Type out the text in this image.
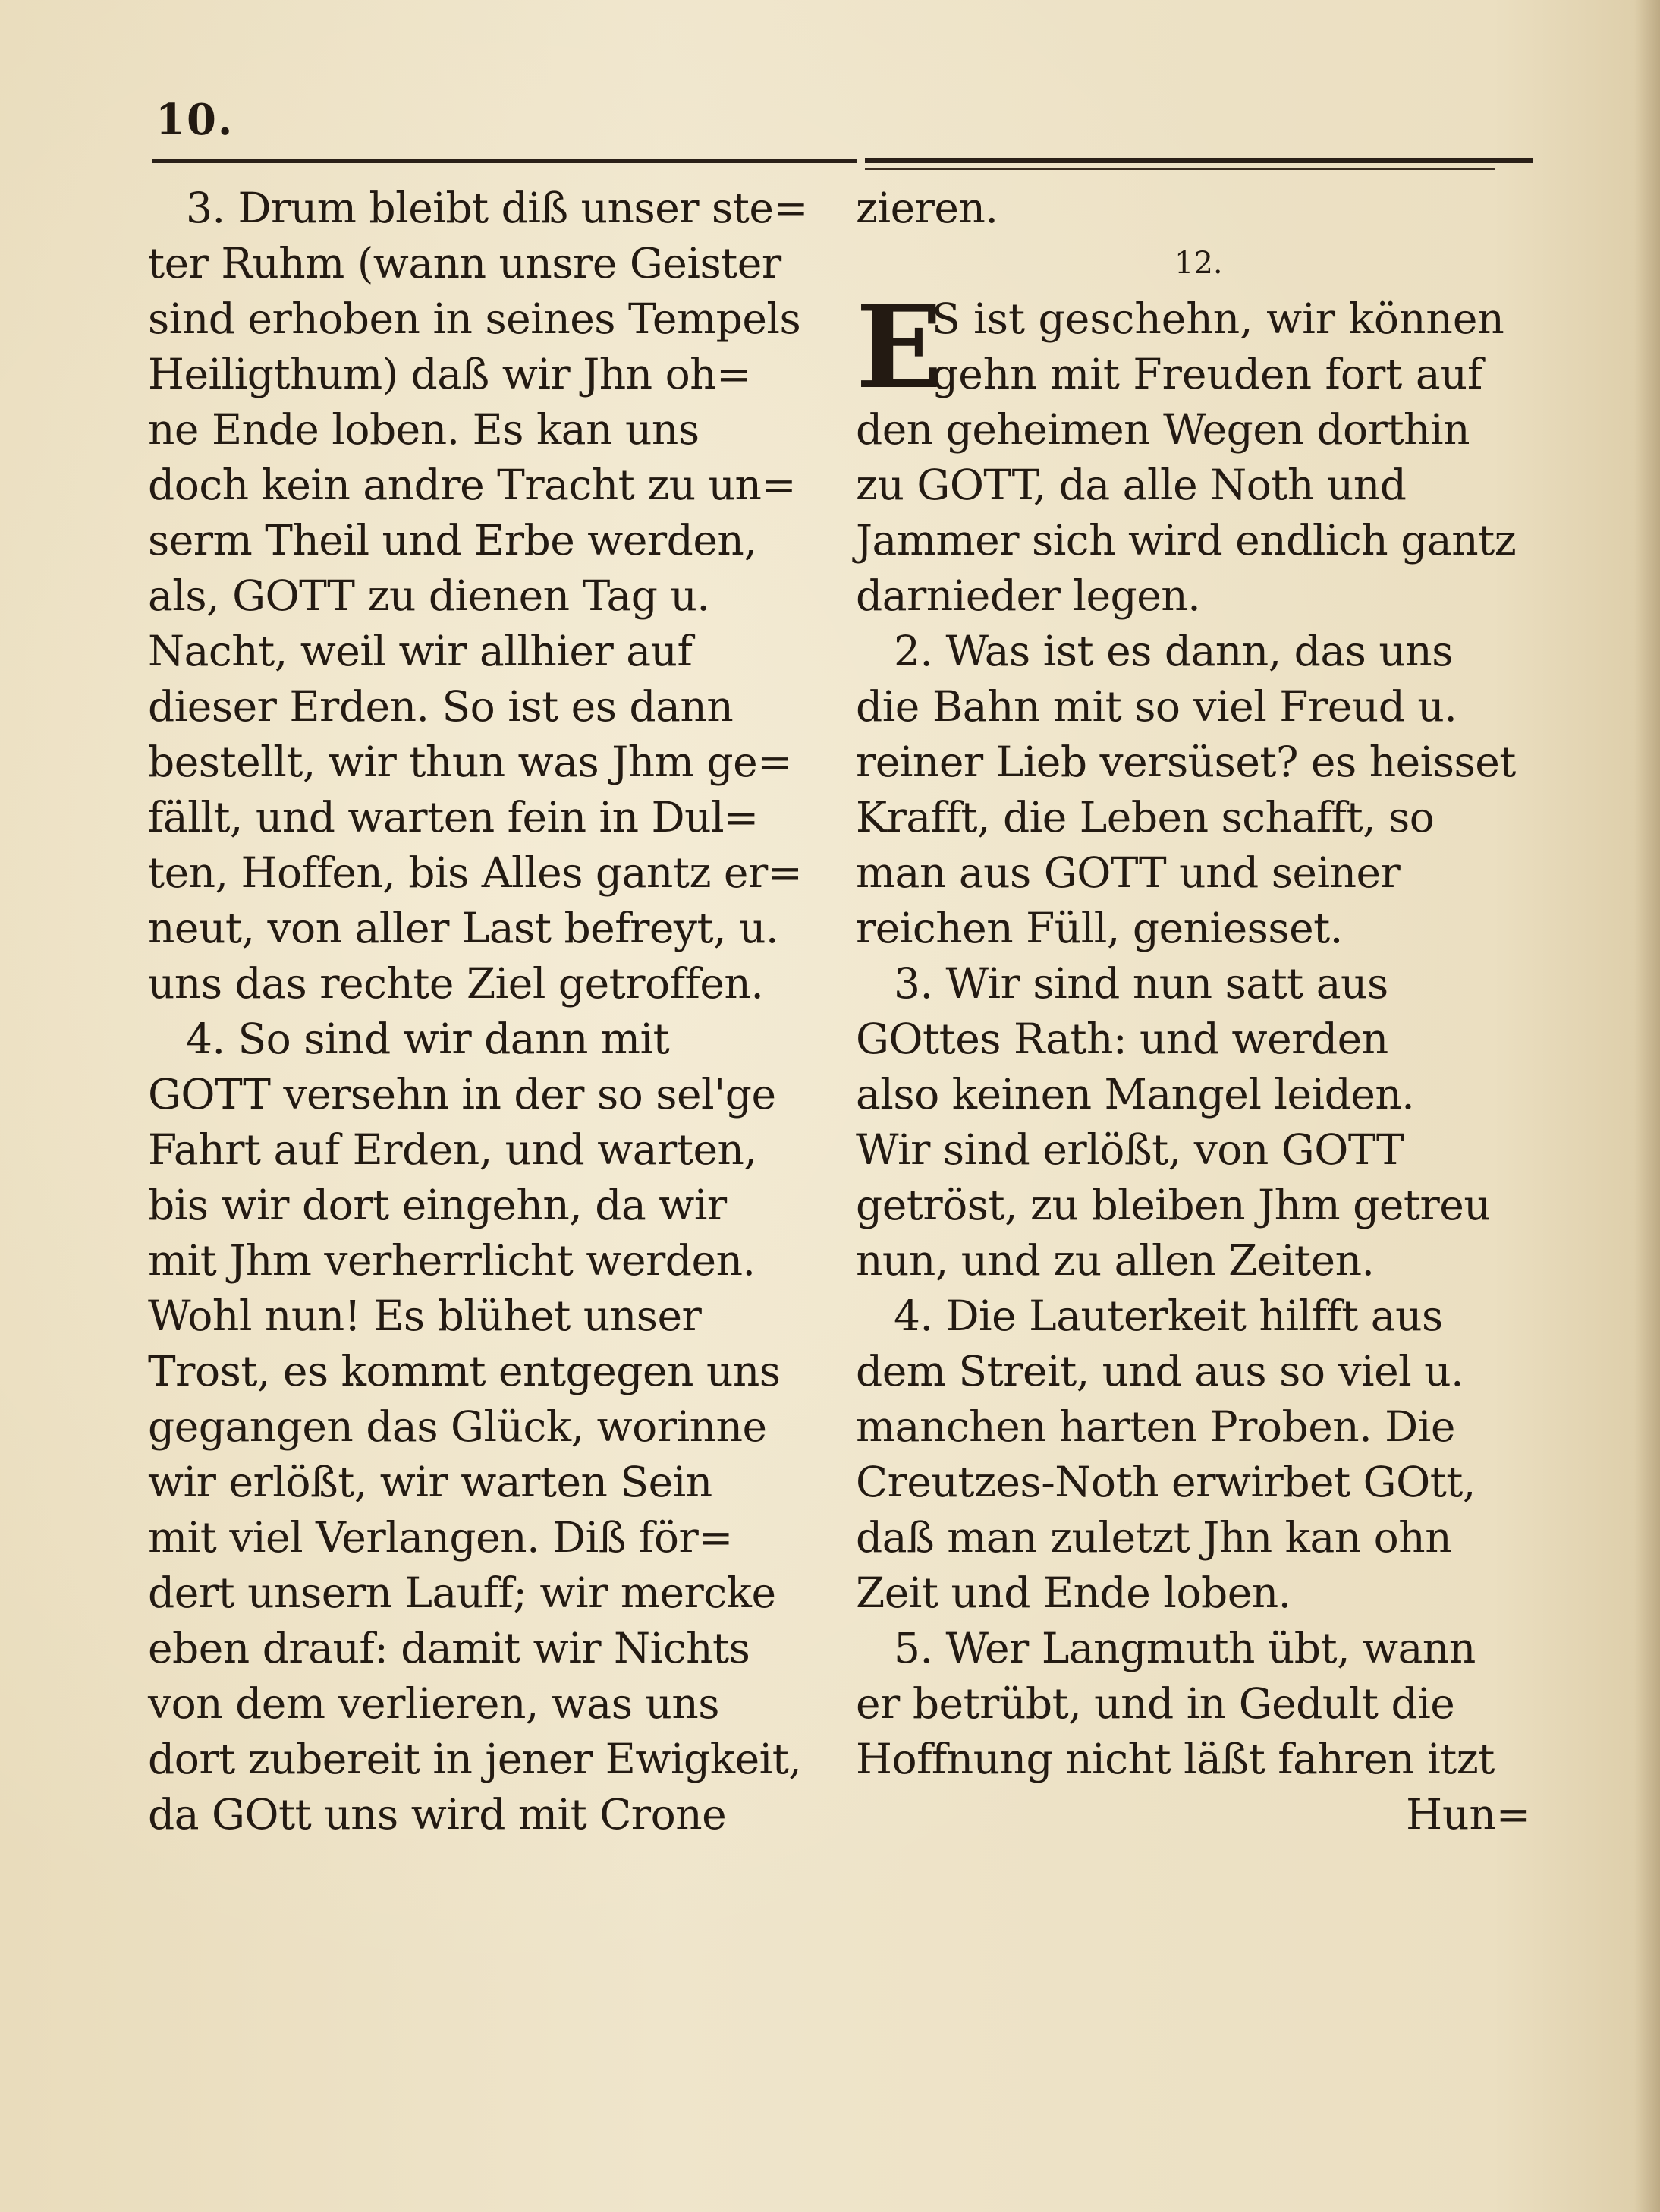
10.
3. Drum bleibt diß unser ste=
ter Ruhm (wann unsre Geister
sind erhoben in seines Tempels
Heiligthum) daß wir Jhn oh=
ne Ende loben. Es kan uns
doch kein andre Tracht zu un=
serm Theil und Erbe werden,
als, GOTT zu dienen Tag u.
Nacht, weil wir allhier auf
dieser Erden. So ist es dann
bestellt, wir thun was Jhm ge=
fällt, und warten fein in Dul=
ten, Hoffen, bis Alles gantz er=
neut, von aller Last befreyt, u.
uns das rechte Ziel getroffen.
4. So sind wir dann mit
GOTT versehn in der so sel'ge
Fahrt auf Erden, und warten,
bis wir dort eingehn, da wir
mit Jhm verherrlicht werden.
Wohl nun! Es blühet unser
Trost, es kommt entgegen uns
gegangen das Glück, worinne
wir erlößt, wir warten Sein
mit viel Verlangen. Diß för=
dert unsern Lauff; wir mercke
eben drauf: damit wir Nichts
von dem verlieren, was uns
dort zubereit in jener Ewigkeit,
da GOtt uns wird mit Crone
zieren.
12.
E
S ist geschehn, wir können
gehn mit Freuden fort auf
den geheimen Wegen dorthin
zu GOTT, da alle Noth und
Jammer sich wird endlich gantz
darnieder legen.
2. Was ist es dann, das uns
die Bahn mit so viel Freud u.
reiner Lieb versüset? es heisset
Krafft, die Leben schafft, so
man aus GOTT und seiner
reichen Füll, geniesset.
3. Wir sind nun satt aus
GOttes Rath: und werden
also keinen Mangel leiden.
Wir sind erlößt, von GOTT
getröst, zu bleiben Jhm getreu
nun, und zu allen Zeiten.
4. Die Lauterkeit hilfft aus
dem Streit, und aus so viel u.
manchen harten Proben. Die
Creutzes-Noth erwirbet GOtt,
daß man zuletzt Jhn kan ohn
Zeit und Ende loben.
5. Wer Langmuth übt, wann
er betrübt, und in Gedult die
Hoffnung nicht läßt fahren itzt
Hun=
